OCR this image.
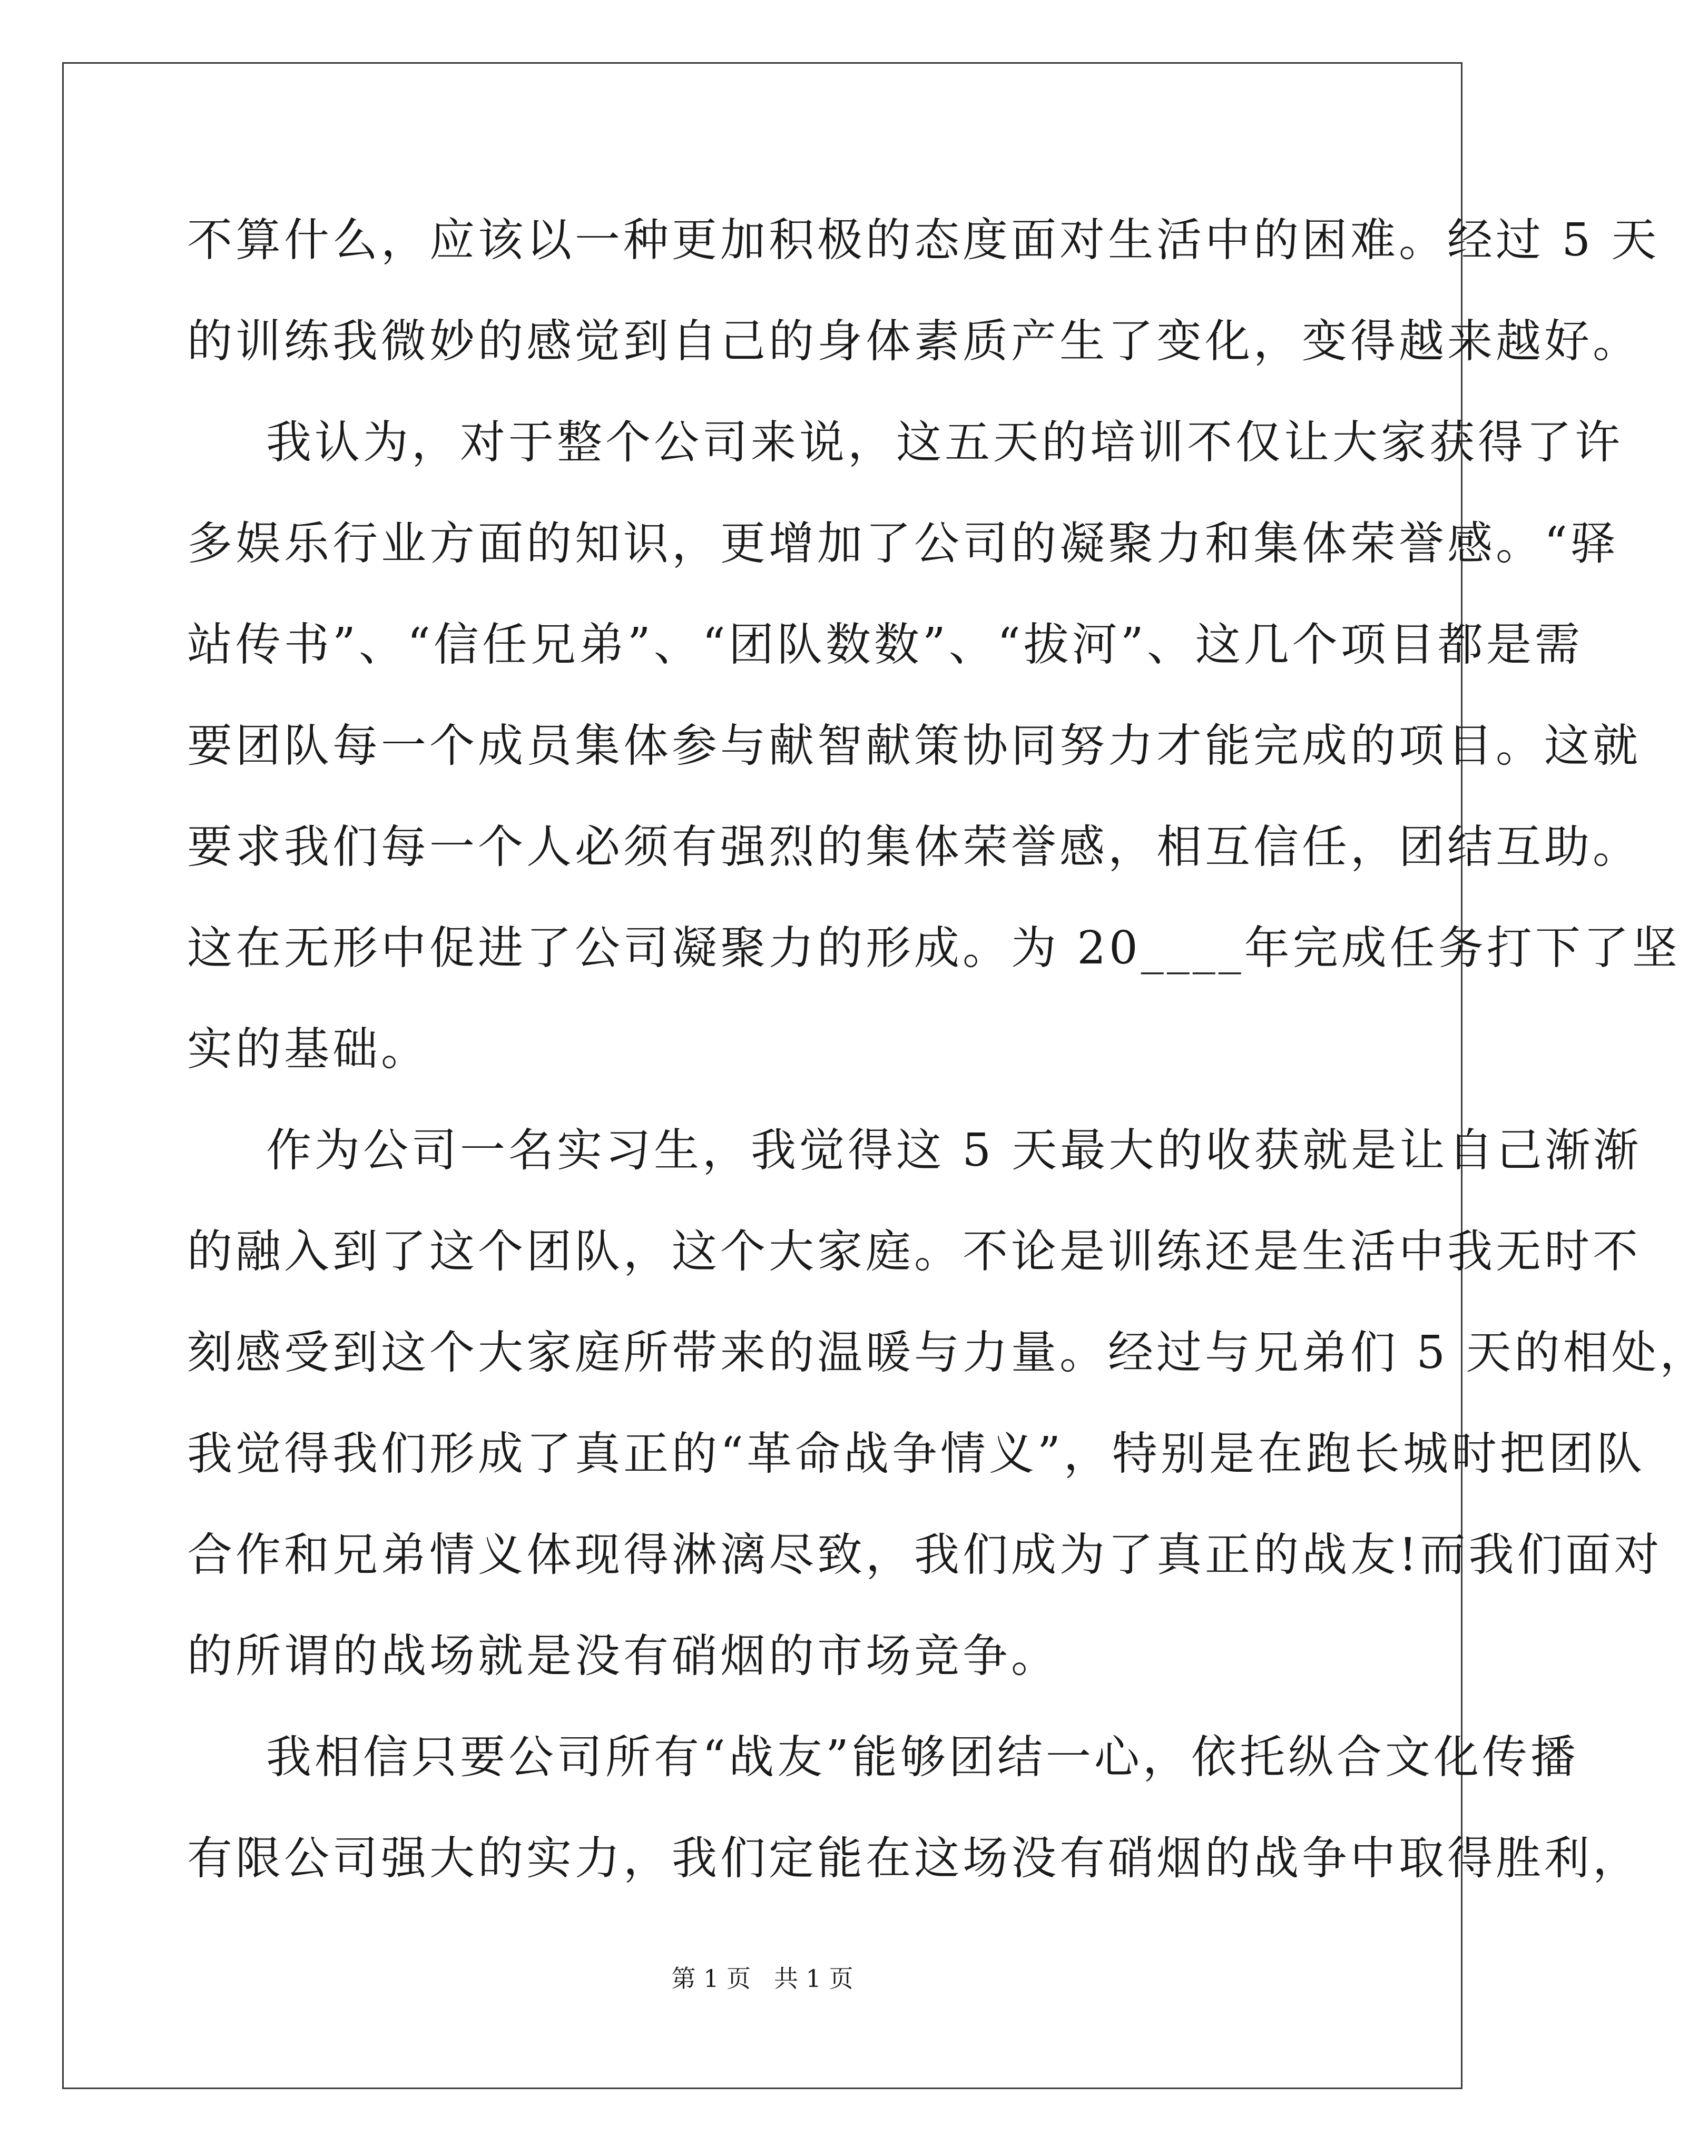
不算什么，应该以一种更加积极的态度面对生活中的困难。经过 5 天
的训练我微妙的感觉到自己的身体素质产生了变化，变得越来越好。
我认为，对于整个公司来说，这五天的培训不仅让大家获得了许
多娱乐行业方面的知识，更增加了公司的凝聚力和集体荣誉感。“驿
站传书”、“信任兄弟”、“团队数数”、“拔河”、这几个项目都是需
要团队每一个成员集体参与献智献策协同努力才能完成的项目。这就
要求我们每一个人必须有强烈的集体荣誉感，相互信任，团结互助。
这在无形中促进了公司凝聚力的形成。为 20____年完成任务打下了坚
实的基础。
作为公司一名实习生，我觉得这 5 天最大的收获就是让自己渐渐
的融入到了这个团队，这个大家庭。不论是训练还是生活中我无时不
刻感受到这个大家庭所带来的温暖与力量。经过与兄弟们 5 天的相处，
我觉得我们形成了真正的“革命战争情义”，特别是在跑长城时把团队
合作和兄弟情义体现得淋漓尽致，我们成为了真正的战友!而我们面对
的所谓的战场就是没有硝烟的市场竞争。
我相信只要公司所有“战友”能够团结一心，依托纵合文化传播
有限公司强大的实力，我们定能在这场没有硝烟的战争中取得胜利，
第 1 页 共 1 页
